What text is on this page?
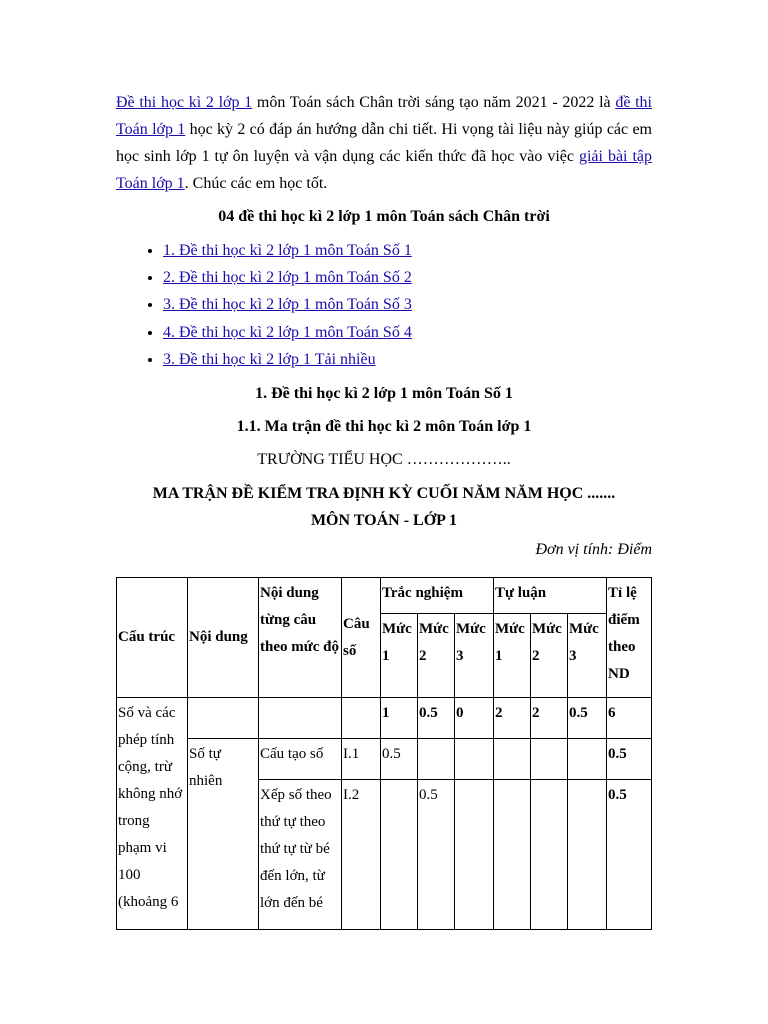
Đề thi học kì 2 lớp 1 môn Toán sách Chân trời sáng tạo năm 2021 - 2022 là đề thi Toán lớp 1 học kỳ 2 có đáp án hướng dẫn chi tiết. Hi vọng tài liệu này giúp các em học sinh lớp 1 tự ôn luyện và vận dụng các kiến thức đã học vào việc giải bài tập Toán lớp 1. Chúc các em học tốt.

04 đề thi học kì 2 lớp 1 môn Toán sách Chân trời
• 1. Đề thi học kì 2 lớp 1 môn Toán Số 1
• 2. Đề thi học kì 2 lớp 1 môn Toán Số 2
• 3. Đề thi học kì 2 lớp 1 môn Toán Số 3
• 4. Đề thi học kì 2 lớp 1 môn Toán Số 4
• 3. Đề thi học kì 2 lớp 1 Tải nhiều
1. Đề thi học kì 2 lớp 1 môn Toán Số 1
1.1. Ma trận đề thi học kì 2 môn Toán lớp 1
TRƯỜNG TIỂU HỌC ………………..
MA TRẬN ĐỀ KIỂM TRA ĐỊNH KỲ CUỐI NĂM NĂM HỌC .......
MÔN TOÁN - LỚP 1
Đơn vị tính: Điểm
Cấu trúc	Nội dung	Nội dung từng câu theo mức độ	Câu số	Trắc nghiệm			Tự luận			Tỉ lệ điểm theo ND
				Mức 1	Mức 2	Mức 3	Mức 1	Mức 2	Mức 3	
Số và các phép tính cộng, trừ không nhớ trong phạm vi 100 (khoảng 6				1	0.5	0	2	2	0.5	6
	Số tự nhiên	Cấu tạo số	I.1	0.5						0.5
		Xếp số theo thứ tự theo thứ tự từ bé đến lớn, từ lớn đến bé	I.2		0.5					0.5
